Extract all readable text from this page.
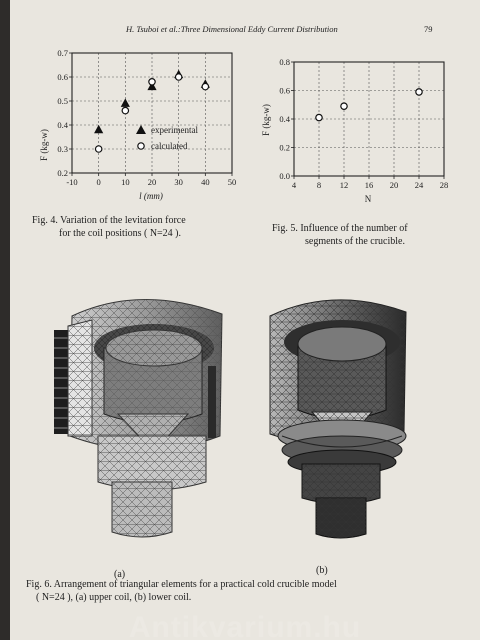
H. Tsuboi et al.:Three Dimensional Eddy Current Distribution	79
-10 0 10 20 30 40 50
0.2
0.3
0.4
0.5
0.6
0.7
experimental
calculated
F (kg-w)
l (mm)
4 8 12 16 20 24 28
0.0
0.2
0.4
0.6
0.8
F (kg-w)
N
Fig. 4. Variation of the levitation force
for the coil positions ( N=24 ).	Fig. 5. Influence of the number of
segments of the crucible.
(a)	(b)
Fig. 6. Arrangement of triangular elements for a practical cold crucible model
( N=24 ), (a) upper coil, (b) lower coil.
Antikvarium.hu
